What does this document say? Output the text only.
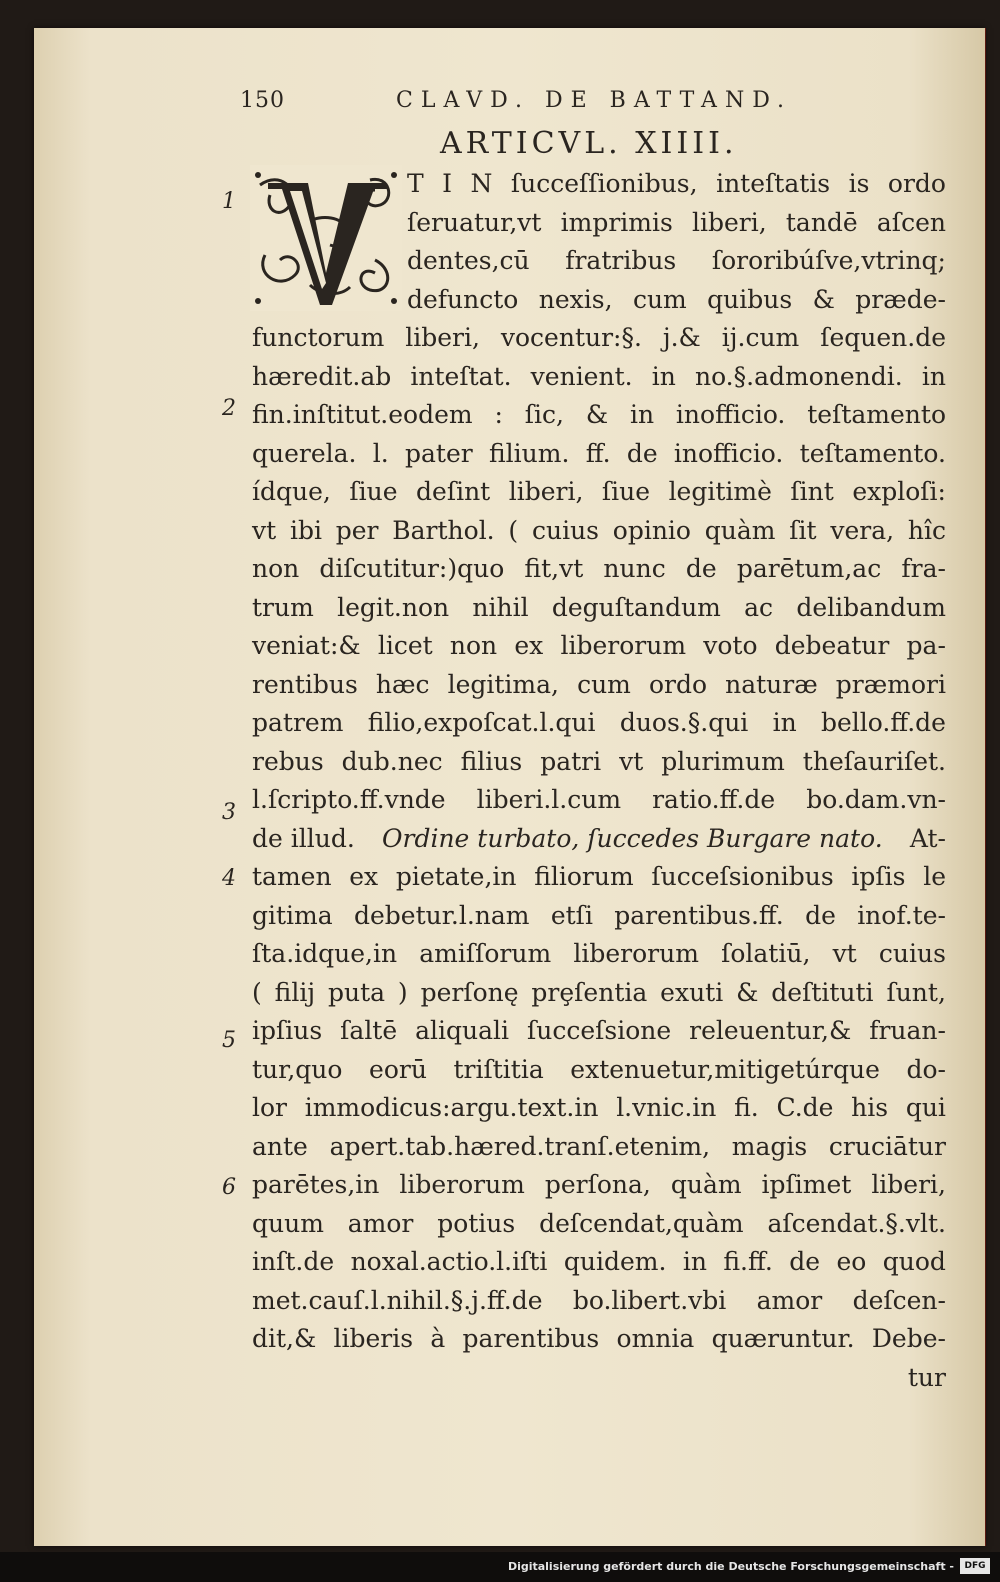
150	CLAVD. DE BATTAND.
ARTICVL. XIIII.
1
2
3
4
5
6
T I N ſucceſſionibus, inteſtatis is ordo
ſeruatur,vt imprimis liberi, tandē aſcen
dentes,cū fratribus ſororibúſve,vtrinq;
defuncto nexis, cum quibus & præde-
functorum liberi, vocentur:§. j.& ij.cum ſequen.de
hæredit.ab inteſtat. venient. in no.§.admonendi. in
fin.inſtitut.eodem : ſic, & in inofficio. teſtamento
querela. l. pater filium. ff. de inofficio. teſtamento.
ídque, ſiue deſint liberi, ſiue legitimè ſint exploſi:
vt ibi per Barthol. ( cuius opinio quàm ſit vera, hîc
non diſcutitur:)quo fit,vt nunc de parētum,ac fra-
trum legit.non nihil deguſtandum ac delibandum
veniat:& licet non ex liberorum voto debeatur pa-
rentibus hæc legitima, cum ordo naturæ præmori
patrem filio,expoſcat.l.qui duos.§.qui in bello.ff.de
rebus dub.nec filius patri vt plurimum theſauriſet.
l.ſcripto.ff.vnde liberi.l.cum ratio.ff.de bo.dam.vn-
de illud. Ordine turbato, ſuccedes Burgare nato. At-
tamen ex pietate,in filiorum ſucceſsionibus ipſis le
gitima debetur.l.nam etſi parentibus.ff. de inof.te-
ſta.idque,in amiſſorum liberorum ſolatiū, vt cuius
( filij puta ) perſonę prȩſentia exuti & deſtituti ſunt,
ipſius ſaltē aliquali ſucceſsione releuentur,& fruan-
tur,quo eorū triſtitia extenuetur,mitigetúrque do-
lor immodicus:argu.text.in l.vnic.in fi. C.de his qui
ante apert.tab.hæred.tranſ.etenim, magis cruciātur
parētes,in liberorum perſona, quàm ipſimet liberi,
quum amor potius deſcendat,quàm aſcendat.§.vlt.
inſt.de noxal.actio.l.iſti quidem. in fi.ff. de eo quod
met.cauſ.l.nihil.§.j.ff.de bo.libert.vbi amor deſcen-
dit,& liberis à parentibus omnia quæruntur. Debe-
tur
Digitalisierung gefördert durch die Deutsche Forschungsgemeinschaft -	DFG
